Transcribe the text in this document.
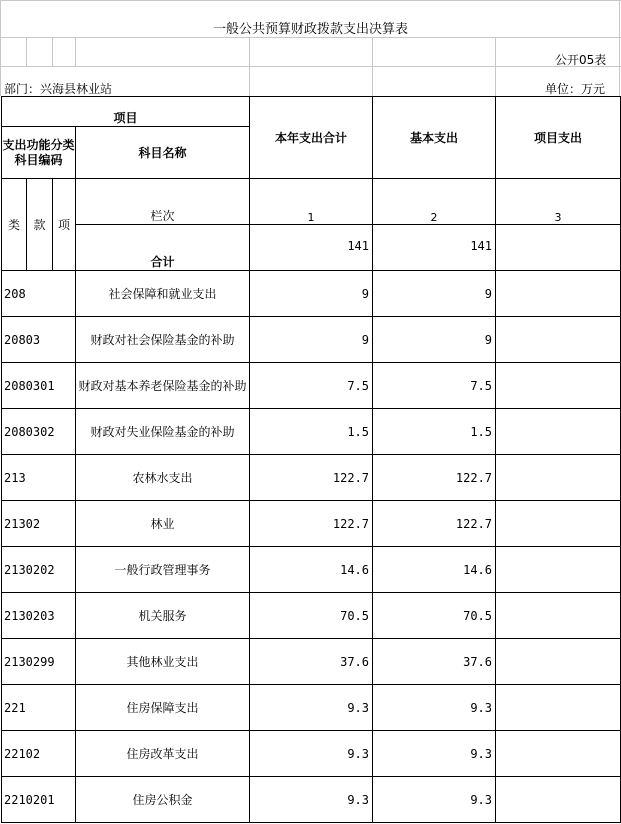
一般公共预算财政拨款支出决算表
公开05表
部门：兴海县林业站	单位：万元
项目				本年支出合计	基本支出	项目支出
支出功能分类科目编码			科目名称			

类	款	项	栏次	1	2	3
			合计	141	141	
208			社会保障和就业支出	9	9	
20803			财政对社会保险基金的补助	9	9	
2080301			财政对基本养老保险基金的补助	7.5	7.5	
2080302			财政对失业保险基金的补助	1.5	1.5	
213			农林水支出	122.7	122.7	
21302			林业	122.7	122.7	
2130202			一般行政管理事务	14.6	14.6	
2130203			机关服务	70.5	70.5	
2130299			其他林业支出	37.6	37.6	
221			住房保障支出	9.3	9.3	
22102			住房改革支出	9.3	9.3	
2210201			住房公积金	9.3	9.3	
